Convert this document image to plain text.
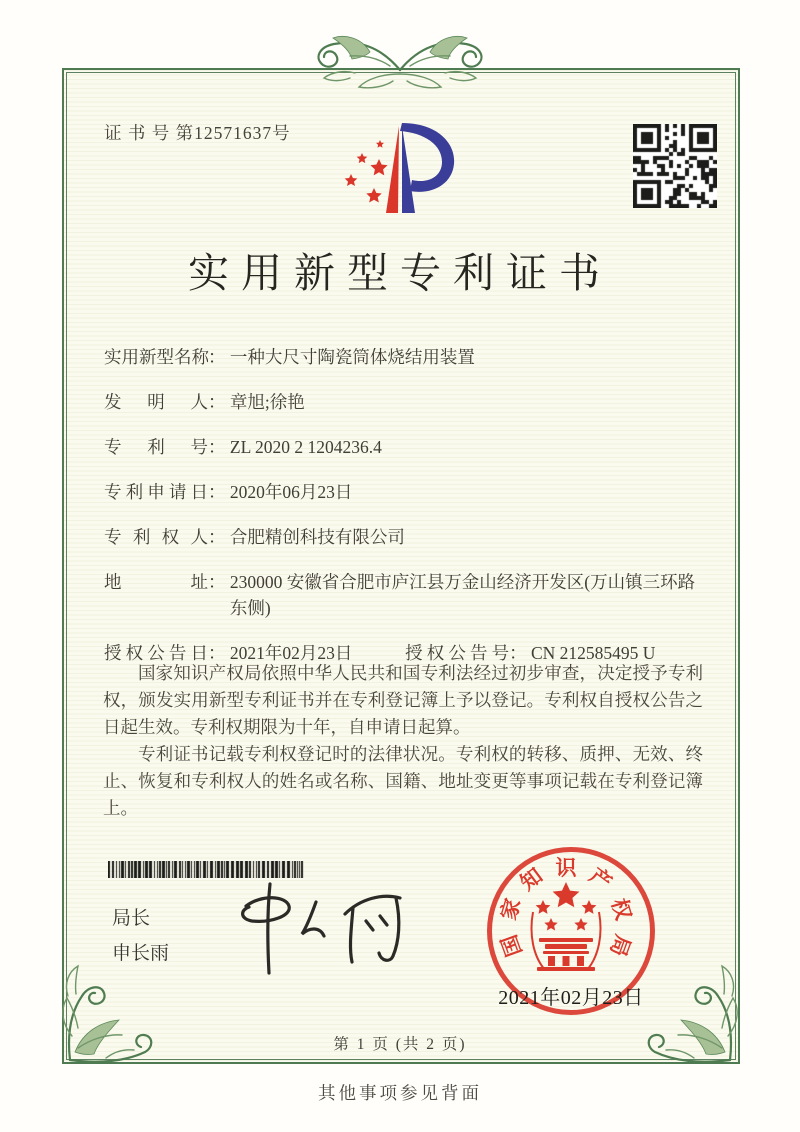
证 书 号 第12571637号
实用新型专利证书
实用新型名称： 一种大尺寸陶瓷筒体烧结用装置
发明人： 章旭;徐艳
专利号： ZL 2020 2 1204236.4
专利申请日： 2020年06月23日
专利权人： 合肥精创科技有限公司
地址： 230000 安徽省合肥市庐江县万金山经济开发区(万山镇三环路东侧)
授权公告日： 2021年02月23日	授权公告号： CN 212585495 U

国家知识产权局依照中华人民共和国专利法经过初步审查，决定授予专利权，颁发实用新型专利证书并在专利登记簿上予以登记。专利权自授权公告之日起生效。专利权期限为十年，自申请日起算。

专利证书记载专利权登记时的法律状况。专利权的转移、质押、无效、终止、恢复和专利权人的姓名或名称、国籍、地址变更等事项记载在专利登记簿上。

局长
申长雨	国
家
知 识 产
权
局
2021年02月23日
第 1 页 (共 2 页)
其他事项参见背面
